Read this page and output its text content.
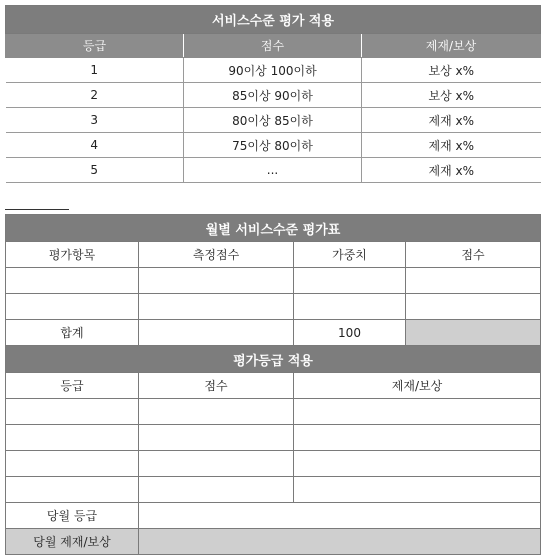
서비스수준 평가 적용		
등급	점수	제재/보상
1	90이상 100이하	보상 x%
2	85이상 90이하	보상 x%
3	80이상 85이하	제재 x%
4	75이상 80이하	제재 x%
5	...	제재 x%
월별 서비스수준 평가표			
평가항목	측정점수	가중치	점수

합계		100	
평가등급 적용			
등급	점수	제재/보상	

당월 등급			
당월 제재/보상			
